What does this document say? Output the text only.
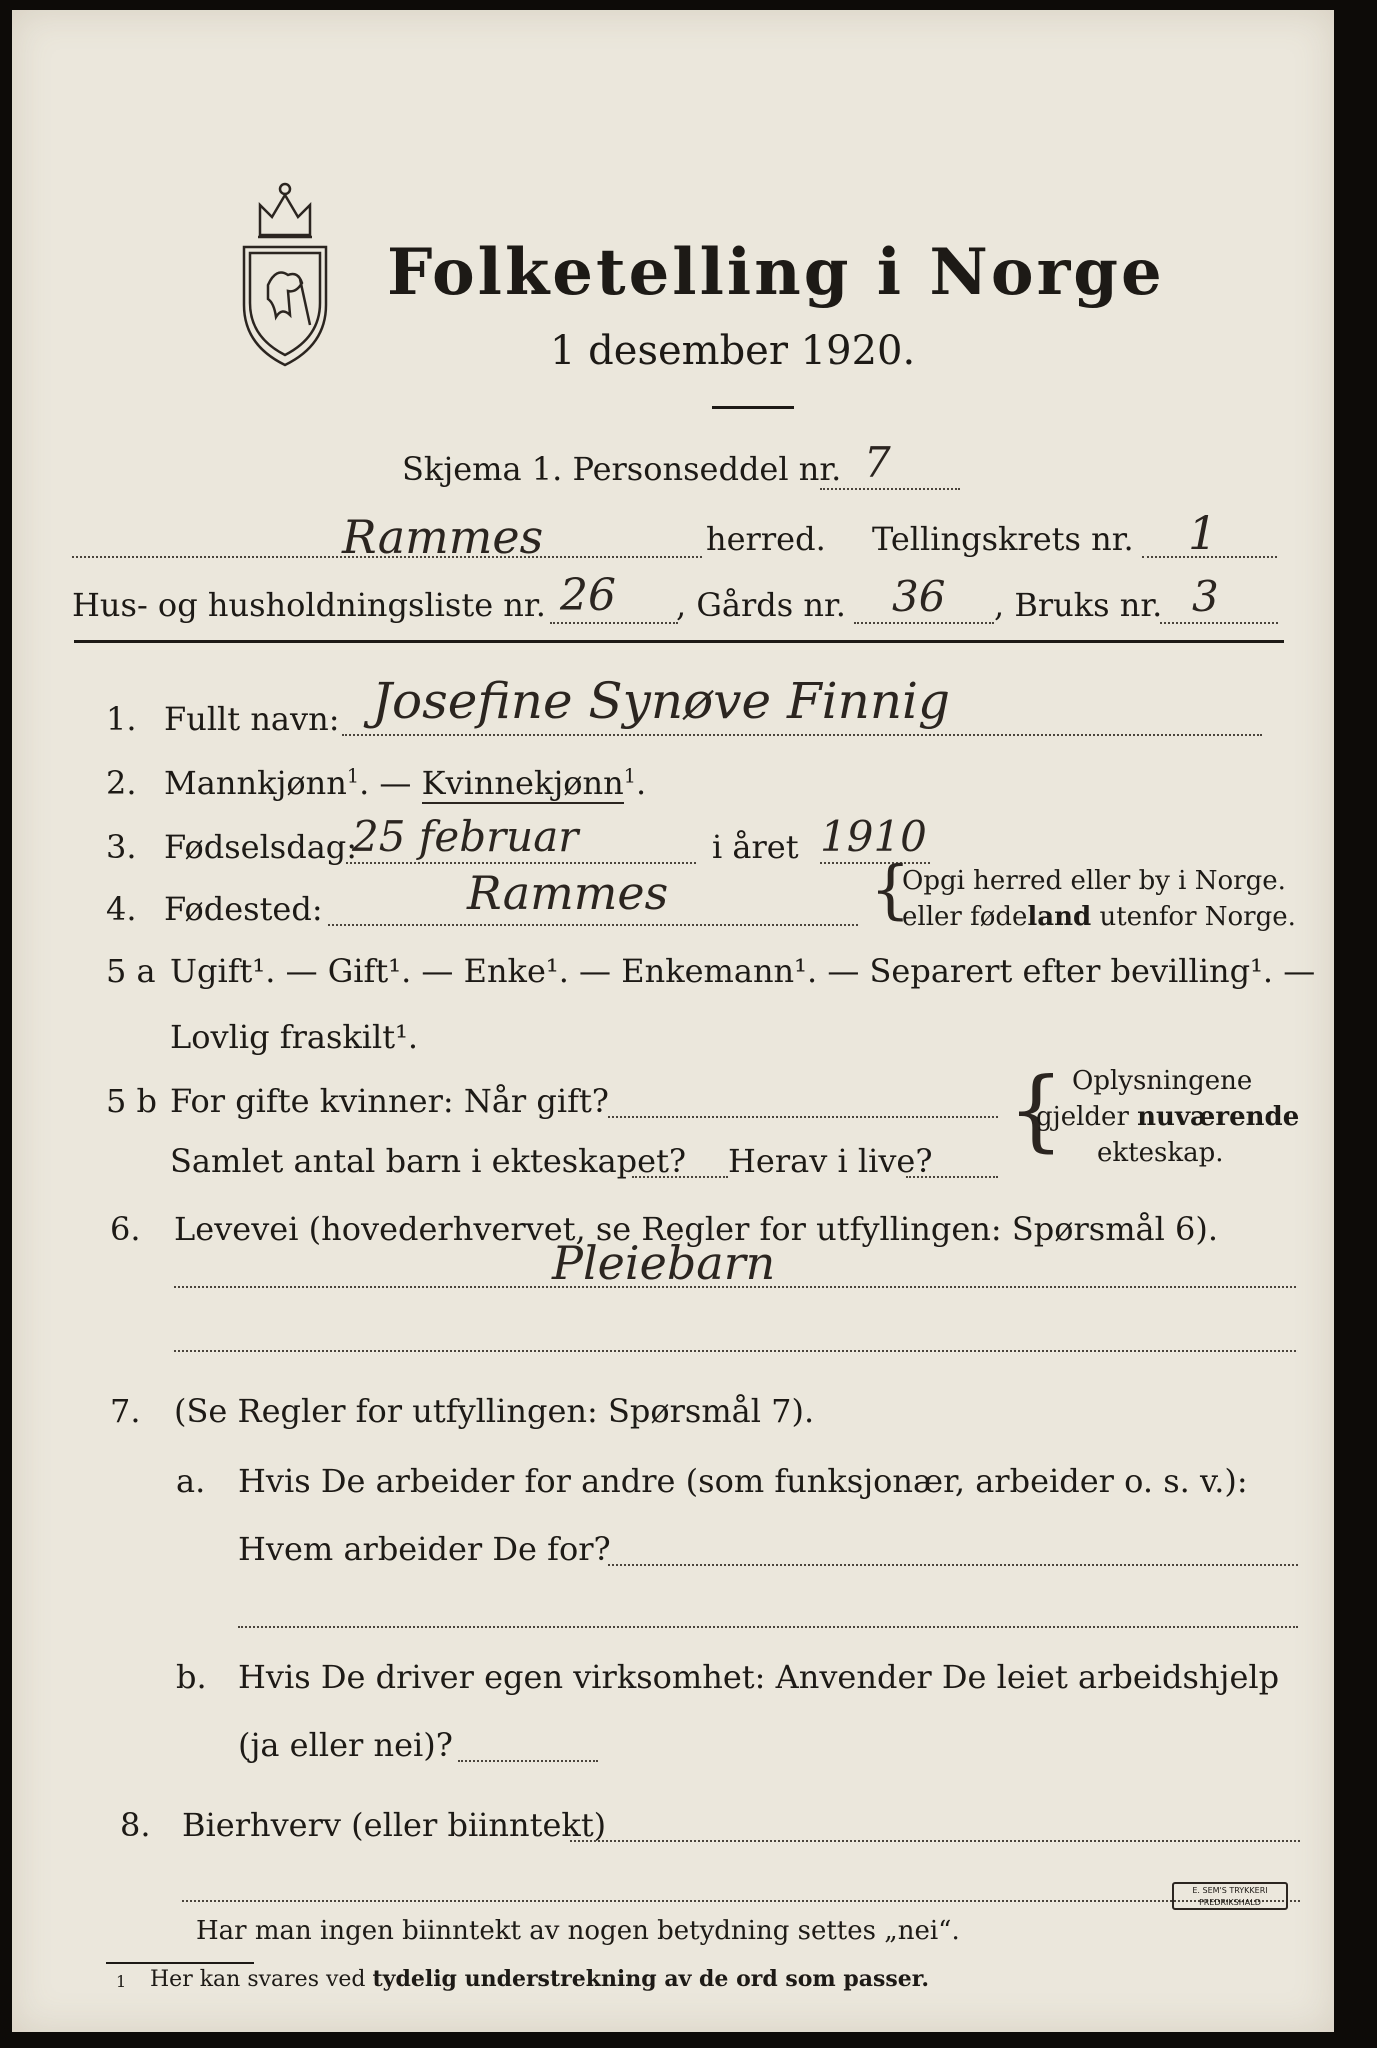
Folketelling i Norge
1 desember 1920.
Skjema 1. Personseddel nr. 7
Rammes	herred. Tellingskrets nr. 1
Hus- og husholdningsliste nr. 26 , Gårds nr. 36 , Bruks nr. 3
1. Fullt navn: Josefine Synøve Finnig
2. Mannkjønn$^1$. — Kvinnekjønn$^1$.
3. Fødselsdag:
25 februar	i året 1910
4. Fødested:	Rammes	{
Opgi herred eller by i Norge.
eller fødeland utenfor Norge.
5 a Ugift¹. — Gift¹. — Enke¹. — Enkemann¹. — Separert efter bevilling¹. —
Lovlig fraskilt¹.
5 b For gifte kvinner: Når gift?
Samlet antal barn i ekteskapet? Herav i live? { Oplysningene
gjelder nuværende
ekteskap.
6. Levevei (hovederhvervet, se Regler for utfyllingen: Spørsmål 6).
Pleiebarn
7. (Se Regler for utfyllingen: Spørsmål 7).
a. Hvis De arbeider for andre (som funksjonær, arbeider o. s. v.):
Hvem arbeider De for?
b. Hvis De driver egen virksomhet: Anvender De leiet arbeidshjelp
(ja eller nei)?
8. Bierhverv (eller biinntekt)
Har man ingen biinntekt av nogen betydning settes „nei“.
1 Her kan svares ved tydelig understrekning av de ord som passer.
E. SEM'S TRYKKERI
FREDRIKSHALD
